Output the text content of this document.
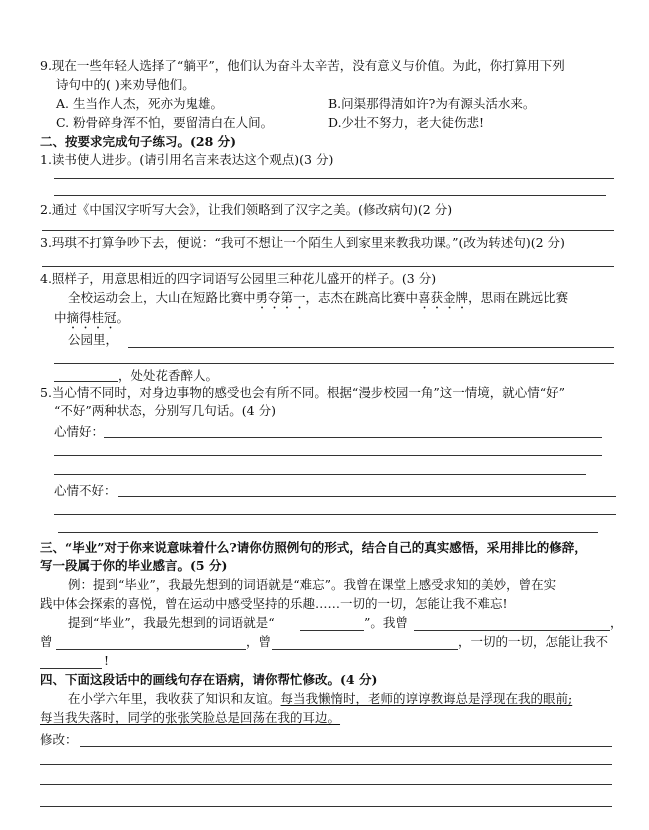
9.现在一些年轻人选择了“躺平”，他们认为奋斗太辛苦，没有意义与价值。为此，你打算用下列
诗句中的( )来劝导他们。
A. 生当作人杰，死亦为鬼雄。	B.问渠那得清如许?为有源头活水来。
C. 粉骨碎身浑不怕，要留清白在人间。	D.少壮不努力，老大徒伤悲!
二、按要求完成句子练习。(28 分)
1.读书使人进步。(请引用名言来表达这个观点)(3 分)
2.通过《中国汉字听写大会》，让我们领略到了汉字之美。(修改病句)(2 分)
3.玛琪不打算争吵下去，便说：“我可不想让一个陌生人到家里来教我功课。”(改为转述句)(2 分)
4.照样子，用意思相近的四字词语写公园里三种花儿盛开的样子。(3 分)
全校运动会上，大山在短路比赛中勇夺第一，志杰在跳高比赛中喜获金牌，思雨在跳远比赛
中摘得桂冠。
公园里，
，处处花香醉人。
5.当心情不同时，对身边事物的感受也会有所不同。根据“漫步校园一角”这一情境，就心情“好”
“不好”两种状态，分别写几句话。(4 分)
心情好：
心情不好：
三、“毕业”对于你来说意味着什么?请你仿照例句的形式，结合自己的真实感悟，采用排比的修辞，
写一段属于你的毕业感言。(5 分)
例：提到“毕业”，我最先想到的词语就是“难忘”。我曾在课堂上感受求知的美妙，曾在实
践中体会探索的喜悦，曾在运动中感受坚持的乐趣……一切的一切，怎能让我不难忘!
提到“毕业”，我最先想到的词语就是“	”。我曾	，
曾	，曾	，一切的一切，怎能让我不
!
四、下面这段话中的画线句存在语病，请你帮忙修改。(4 分)
在小学六年里，我收获了知识和友谊。每当我懒惰时，老师的谆谆教诲总是浮现在我的眼前;
每当我失落时，同学的张张笑脸总是回荡在我的耳边。
修改：
